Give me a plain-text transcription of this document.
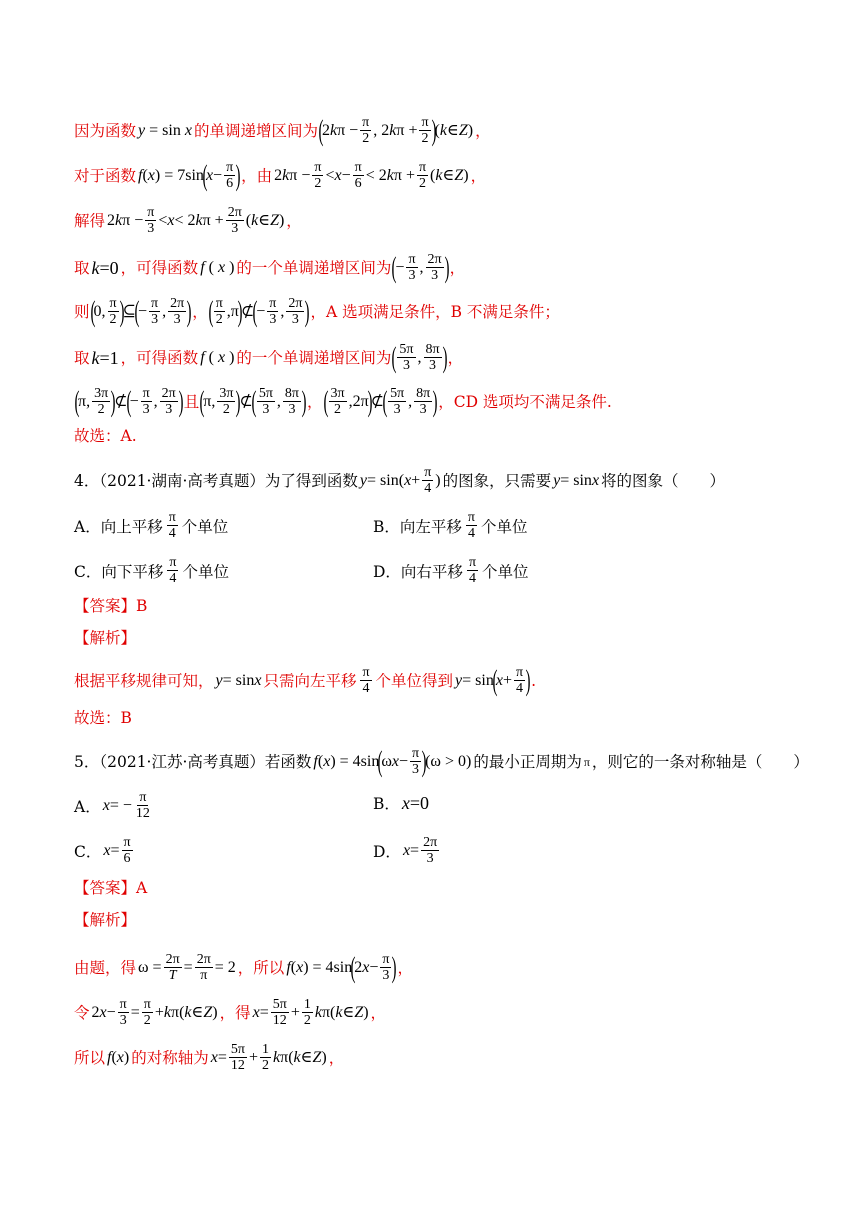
因为函数 y = sin x 的单调递增区间为 (
2 k $\pi - \frac{\pi}{2}$ , 2 k $\pi + \frac{\pi}{2}$ )
( k ∈ Z ) ，
对于函数 f ( x ) = 7sin
(
$x - \frac{\pi}{6}$ ) ，由 2 k $\pi - \frac{\pi}{2} < x - \frac{\pi}{6} < 2$ k $\pi + \frac{\pi}{2}$ ( k ∈ Z ) ，
解得 2 k $\pi - \frac{\pi}{3} < x < 2$ k $\pi + \frac{2\pi}{3}$ ( k ∈ Z ) ，
取 k =0 ，可得函数 f ( x ) 的一个单调递增区间为 (
− $\frac{\pi}{3}$ , $\frac{2\pi}{3}$ ) ，
则 (
0, $\frac{\pi}{2}$ )
⊆
(
− $\frac{\pi}{3}$ , $\frac{2\pi}{3}$ ) ， ( $\frac{\pi}{2} ,\pi$
)
⊄
(
− $\frac{\pi}{3}$ , $\frac{2\pi}{3}$ ) ，A 选项满足条件，B 不满足条件；
取 k =1 ，可得函数 f ( x ) 的一个单调递增区间为 ( $\frac{5\pi}{3}$ , $\frac{8\pi}{3}$ ) ，
(
π, $\frac{3\pi}{2}$ )
⊄
(
− $\frac{\pi}{3}$ , $\frac{2\pi}{3}$ ) 且 (
π, $\frac{3\pi}{2}$ )
⊄
( $\frac{5\pi}{3}$ , $\frac{8\pi}{3}$ ) ， ( $\frac{3\pi}{2} ,2\pi$
)
⊄
( $\frac{5\pi}{3}$ , $\frac{8\pi}{3}$ ) ，CD 选项均不满足条件.
故选：A.
4．（2021·湖南·高考真题）为了得到函数 y = sin( $x + \frac{\pi}{4}$ ) 的图象，只需要 y = sin x 将的图象（　　）
A．向上平移 $\frac{\pi}{4}$ 个单位	B．向左平移 $\frac{\pi}{4}$ 个单位
C．向下平移 $\frac{\pi}{4}$ 个单位	D．向右平移 $\frac{\pi}{4}$ 个单位
【答案】B
【解析】
根据平移规律可知， y = sin x 只需向左平移 $\frac{\pi}{4}$ 个单位得到 y = sin
(
$x + \frac{\pi}{4}$ ) .
故选：B
5．（2021·江苏·高考真题）若函数 f ( x ) = 4sin
(
ω $x - \frac{\pi}{3}$ )
(ω > 0) 的最小正周期为 π ，则它的一条对称轴是（　　）
A． x = − $\frac{\pi}{12}$	B． x =0
C． $x = \frac{\pi}{6}$	D． $x = \frac{2\pi}{3}$
【答案】A
【解析】
由题，得 $\omega = \frac{2\pi}{T} = \frac{2\pi}{\pi} = 2$ ，所以 f ( x ) = 4sin
(
2 $x - \frac{\pi}{3}$ ) ，
令 2 $x - \frac{\pi}{3} = \frac{\pi}{2} + k$ π( k ∈ Z ) ，得 $x = \frac{5\pi}{12} + \frac{1}{2}$ k π( k ∈ Z ) ，
所以 f ( x ) 的对称轴为 $x = \frac{5\pi}{12} + \frac{1}{2}$ k π( k ∈ Z ) ，
